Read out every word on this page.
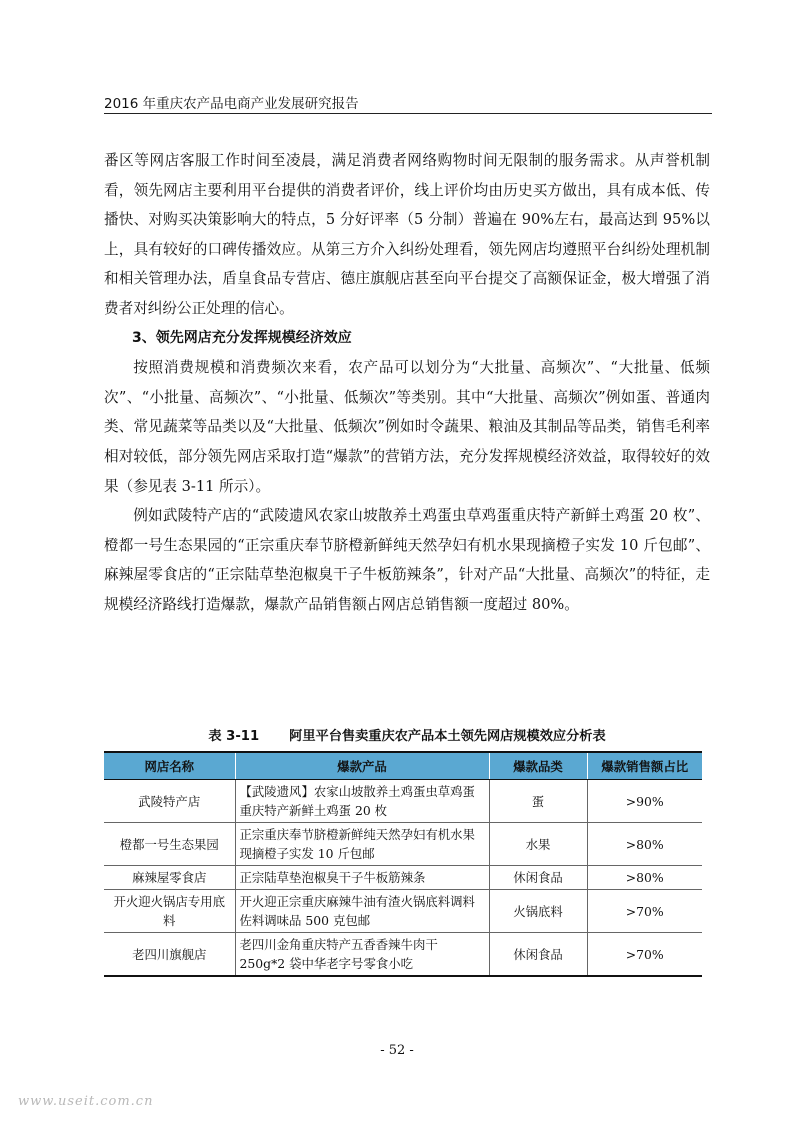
2016 年重庆农产品电商产业发展研究报告

番区等网店客服工作时间至凌晨，满足消费者网络购物时间无限制的服务需求。从声誉机制看，领先网店主要利用平台提供的消费者评价，线上评价均由历史买方做出，具有成本低、传播快、对购买决策影响大的特点，5 分好评率（5 分制）普遍在 90%左右，最高达到 95%以上，具有较好的口碑传播效应。从第三方介入纠纷处理看，领先网店均遵照平台纠纷处理机制和相关管理办法，盾皇食品专营店、德庄旗舰店甚至向平台提交了高额保证金，极大增强了消费者对纠纷公正处理的信心。

3、领先网店充分发挥规模经济效应

按照消费规模和消费频次来看，农产品可以划分为“大批量、高频次”、“大批量、低频次”、“小批量、高频次”、“小批量、低频次”等类别。其中“大批量、高频次”例如蛋、普通肉类、常见蔬菜等品类以及“大批量、低频次”例如时令蔬果、粮油及其制品等品类，销售毛利率相对较低，部分领先网店采取打造“爆款”的营销方法，充分发挥规模经济效益，取得较好的效果（参见表 3-11 所示）。

例如武陵特产店的“武陵遗风农家山坡散养土鸡蛋虫草鸡蛋重庆特产新鲜土鸡蛋 20 枚”、橙都一号生态果园的“正宗重庆奉节脐橙新鲜纯天然孕妇有机水果现摘橙子实发 10 斤包邮”、麻辣屋零食店的“正宗陆草垫泡椒臭干子牛板筋辣条”，针对产品“大批量、高频次”的特征，走规模经济路线打造爆款，爆款产品销售额占网店总销售额一度超过 80%。

表 3-11 阿里平台售卖重庆农产品本土领先网店规模效应分析表
网店名称	爆款产品	爆款品类	爆款销售额占比
武陵特产店	【武陵遗风】农家山坡散养土鸡蛋虫草鸡蛋重庆特产新鲜土鸡蛋 20 枚	蛋	>90%
橙都一号生态果园	正宗重庆奉节脐橙新鲜纯天然孕妇有机水果现摘橙子实发 10 斤包邮	水果	>80%
麻辣屋零食店	正宗陆草垫泡椒臭干子牛板筋辣条	休闲食品	>80%
开火迎火锅店专用底料	开火迎正宗重庆麻辣牛油有渣火锅底料调料佐料调味品 500 克包邮	火锅底料	>70%
老四川旗舰店	老四川金角重庆特产五香香辣牛肉干 250g*2 袋中华老字号零食小吃	休闲食品	>70%
- 52 -
www.useit.com.cn
